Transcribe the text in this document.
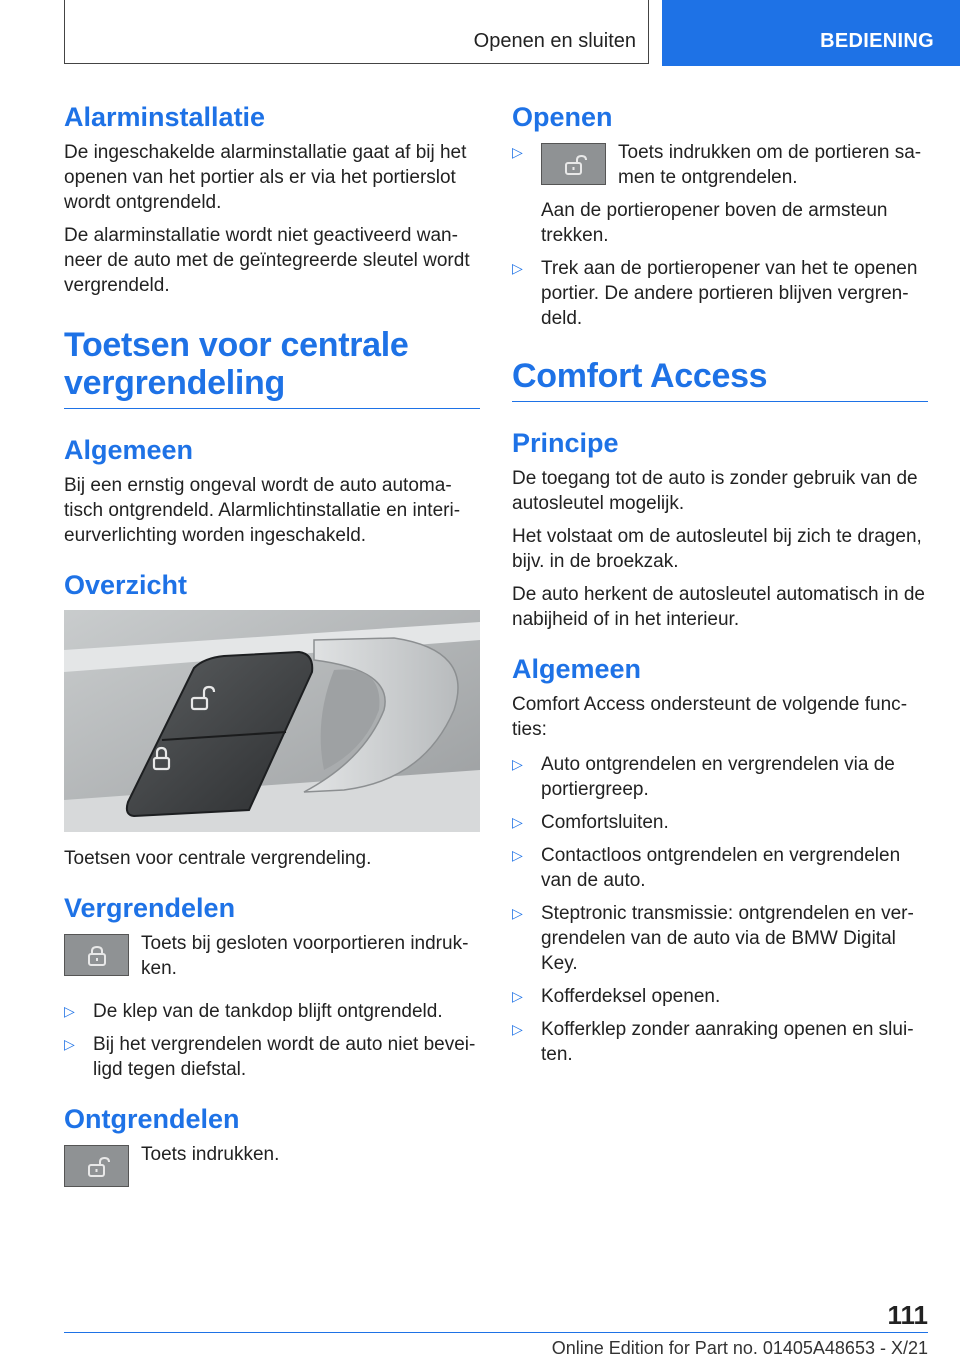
Openen en sluiten	BEDIENING
Alarminstallatie

De ingeschakelde alarminstallatie gaat af bij het openen van het portier als er via het portierslot wordt ontgrendeld.

De alarminstallatie wordt niet geactiveerd wanneer de auto met de geïntegreerde sleutel wordt vergrendeld.

Toetsen voor centrale
vergrendeling
Algemeen

Bij een ernstig ongeval wordt de auto automatisch ontgrendeld. Alarmlichtinstallatie en interieurverlichting worden ingeschakeld.

Overzicht

Toetsen voor centrale vergrendeling.

Vergrendelen

Toets bij gesloten voorportieren indrukken.

▷ De klep van de tankdop blijft ontgrendeld.
▷ Bij het vergrendelen wordt de auto niet beveiligd tegen diefstal.
Ontgrendelen

Toets indrukken.

Openen
▷ Toets indrukken om de portieren samen te ontgrendelen.
Aan de portieropener boven de armsteun trekken.
▷ Trek aan de portieropener van het te openen portier. De andere portieren blijven vergrendeld.
Comfort Access
Principe

De toegang tot de auto is zonder gebruik van de autosleutel mogelijk.

Het volstaat om de autosleutel bij zich te dragen, bijv. in de broekzak.

De auto herkent de autosleutel automatisch in de nabijheid of in het interieur.

Algemeen

Comfort Access ondersteunt de volgende functies:

▷ Auto ontgrendelen en vergrendelen via de portiergreep.
▷ Comfortsluiten.
▷ Contactloos ontgrendelen en vergrendelen van de auto.
▷ Steptronic transmissie: ontgrendelen en vergrendelen van de auto via de BMW Digital Key.
▷ Kofferdeksel openen.
▷ Kofferklep zonder aanraking openen en sluiten.
111
Online Edition for Part no. 01405A48653 - X/21
